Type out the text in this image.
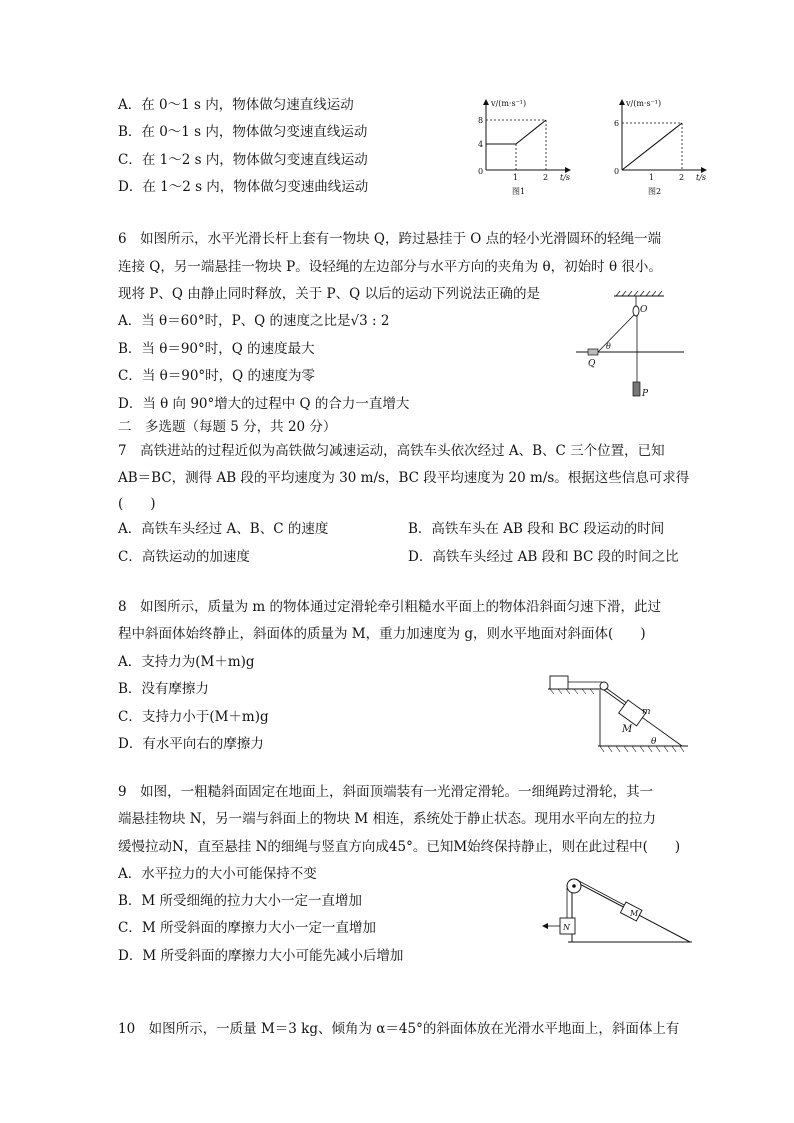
A．在 0～1 s 内，物体做匀速直线运动
B．在 0～1 s 内，物体做匀变速直线运动
C．在 1～2 s 内，物体做匀变速直线运动
D．在 1～2 s 内，物体做匀变速曲线运动
v/(m·s⁻¹)
t/s
8
4
0
1	2
图1
v/(m·s⁻¹)
t/s
6
0
1	2
图2
6　如图所示，水平光滑长杆上套有一物块 Q，跨过悬挂于 O 点的轻小光滑圆环的轻绳一端
连接 Q，另一端悬挂一物块 P。设轻绳的左边部分与水平方向的夹角为 θ，初始时 θ 很小。
现将 P、Q 由静止同时释放，关于 P、Q 以后的运动下列说法正确的是
A．当 θ＝60°时，P、Q 的速度之比是√3 : 2
B．当 θ＝90°时，Q 的速度最大
C．当 θ＝90°时，Q 的速度为零
D．当 θ 向 90°增大的过程中 Q 的合力一直增大
O
θ
Q
P
二　多选题（每题 5 分，共 20 分）
7　高铁进站的过程近似为高铁做匀减速运动，高铁车头依次经过 A、B、C 三个位置，已知
AB＝BC，测得 AB 段的平均速度为 30 m/s，BC 段平均速度为 20 m/s。根据这些信息可求得
(　　)
A．高铁车头经过 A、B、C 的速度	B．高铁车头在 AB 段和 BC 段运动的时间
C．高铁运动的加速度	D．高铁车头经过 AB 段和 BC 段的时间之比
8　如图所示，质量为 m 的物体通过定滑轮牵引粗糙水平面上的物体沿斜面匀速下滑，此过
程中斜面体始终静止，斜面体的质量为 M，重力加速度为 g，则水平地面对斜面体(　　)
A．支持力为(M＋m)g
B．没有摩擦力
C．支持力小于(M＋m)g
D．有水平向右的摩擦力
m
M
θ
9　如图，一粗糙斜面固定在地面上，斜面顶端装有一光滑定滑轮。一细绳跨过滑轮，其一
端悬挂物块 N，另一端与斜面上的物块 M 相连，系统处于静止状态。现用水平向左的拉力
缓慢拉动N，直至悬挂 N的细绳与竖直方向成45°。已知M始终保持静止，则在此过程中(　　)
A．水平拉力的大小可能保持不变
B．M 所受细绳的拉力大小一定一直增加
C．M 所受斜面的摩擦力大小一定一直增加
D．M 所受斜面的摩擦力大小可能先减小后增加
M
N
10　如图所示，一质量 M＝3 kg、倾角为 α＝45°的斜面体放在光滑水平地面上，斜面体上有
